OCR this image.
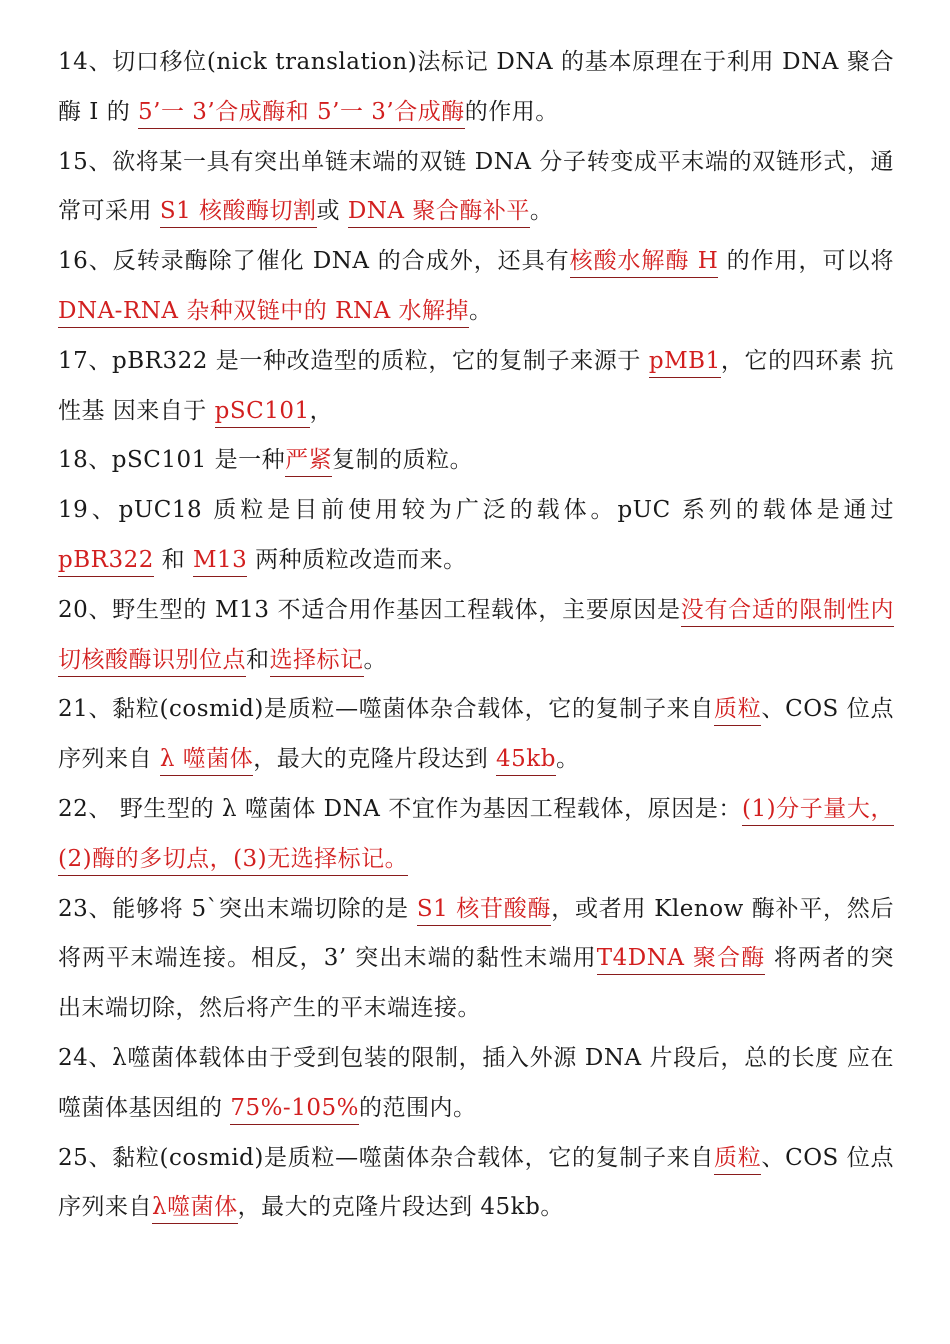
14、切口移位(nick translation)法标记 DNA 的基本原理在于利用 DNA 聚合 酶 I 的 5’一 3’合成酶和 5’一 3’合成酶的作用。

15、欲将某一具有突出单链末端的双链 DNA 分子转变成平末端的双链形式，通常可采用 S1 核酸酶切割或 DNA 聚合酶补平。

16、反转录酶除了催化 DNA 的合成外，还具有核酸水解酶 H 的作用，可以将 DNA-RNA 杂种双链中的 RNA 水解掉。

17、pBR322 是一种改造型的质粒，它的复制子来源于 pMB1，它的四环素 抗性基 因来自于 pSC101，

18、pSC101 是一种严紧复制的质粒。

19、pUC18 质粒是目前使用较为广泛的载体。pUC 系列的载体是通过 pBR322 和 M13 两种质粒改造而来。

20、野生型的 M13 不适合用作基因工程载体，主要原因是没有合适的限制性内 切核酸酶识别位点和选择标记。

21、黏粒(cosmid)是质粒—噬菌体杂合载体，它的复制子来自质粒、COS 位点序列来自 λ 噬菌体，最大的克隆片段达到 45kb。

22、 野生型的 λ 噬菌体 DNA 不宜作为基因工程载体，原因是：(1)分子量大， (2)酶的多切点，(3)无选择标记。

23、能够将 5`突出末端切除的是 S1 核苷酸酶，或者用 Klenow 酶补平，然后将两平末端连接。相反，3’ 突出末端的黏性末端用T4DNA 聚合酶 将两者的突出末端切除，然后将产生的平末端连接。

24、λ噬菌体载体由于受到包装的限制，插入外源 DNA 片段后，总的长度 应在噬菌体基因组的 75%-105%的范围内。

25、黏粒(cosmid)是质粒—噬菌体杂合载体，它的复制子来自质粒、COS 位点序列来自λ噬菌体，最大的克隆片段达到 45kb。
